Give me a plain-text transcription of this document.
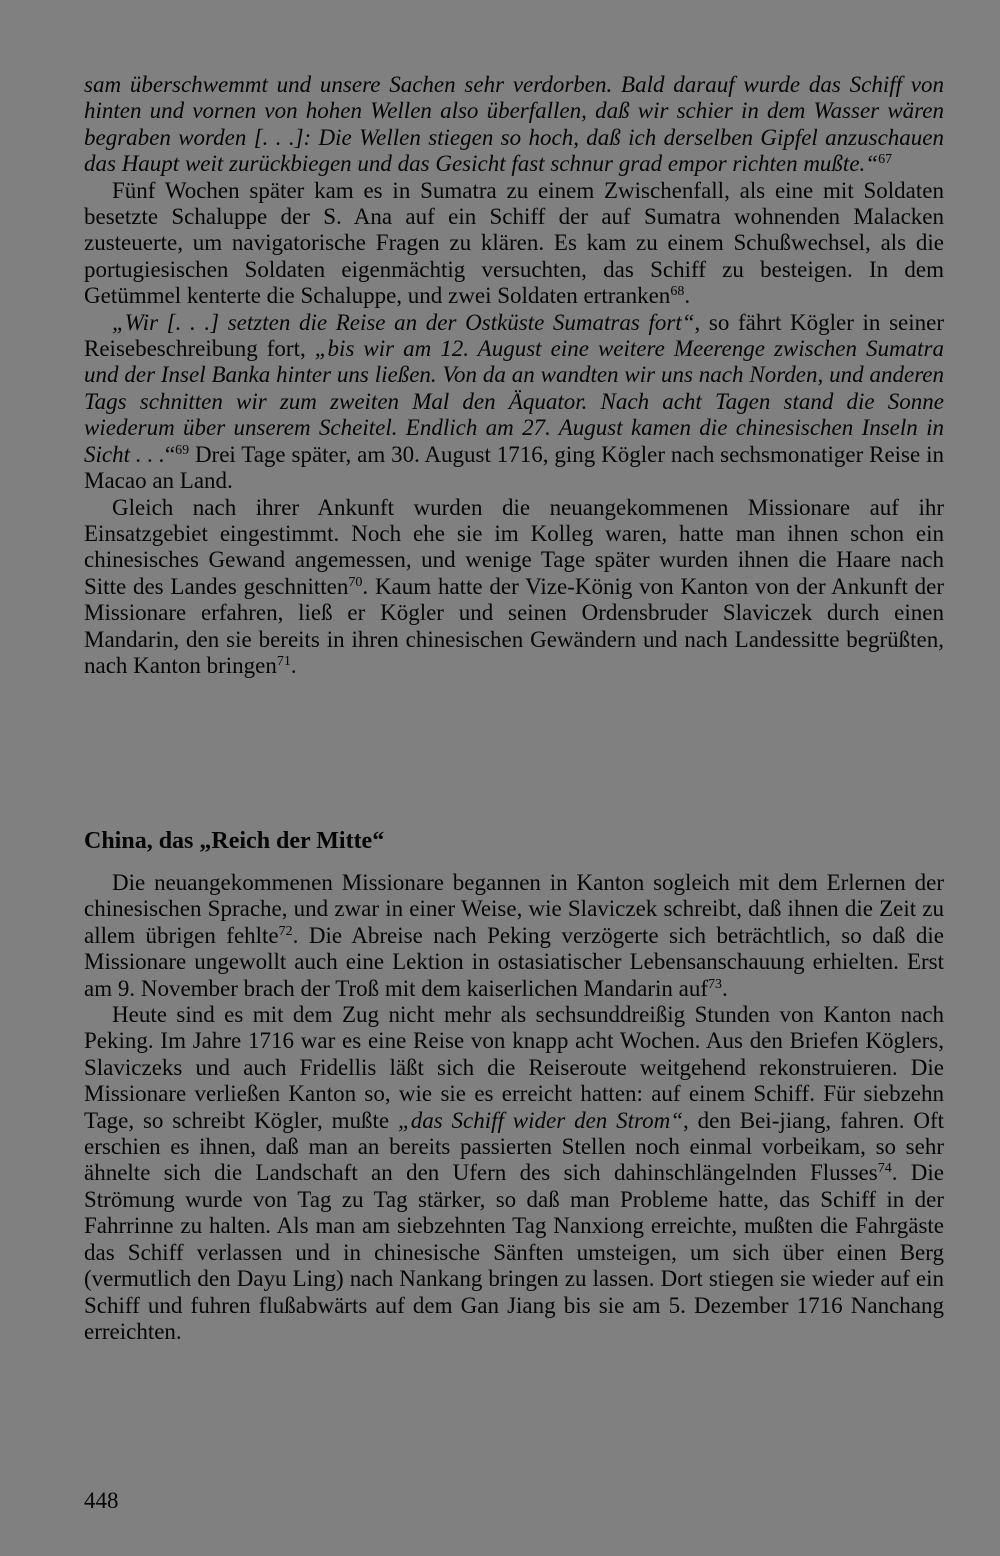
sam überschwemmt und unsere Sachen sehr verdorben. Bald darauf wurde das Schiff von hinten und vornen von hohen Wellen also überfallen, daß wir schier in dem Wasser wären begraben worden [. . .]: Die Wellen stiegen so hoch, daß ich derselben Gipfel anzuschauen das Haupt weit zurückbiegen und das Gesicht fast schnur grad empor richten mußte.“$^{67}$

Fünf Wochen später kam es in Sumatra zu einem Zwischenfall, als eine mit Soldaten besetzte Schaluppe der S. Ana auf ein Schiff der auf Sumatra wohnenden Malacken zusteuerte, um navigatorische Fragen zu klären. Es kam zu einem Schußwechsel, als die portugiesischen Soldaten eigenmächtig versuchten, das Schiff zu besteigen. In dem Getümmel kenterte die Schaluppe, und zwei Soldaten ertranken$^{68}$.

„Wir [. . .] setzten die Reise an der Ostküste Sumatras fort“, so fährt Kögler in seiner Reisebeschreibung fort, „bis wir am 12. August eine weitere Meerenge zwischen Sumatra und der Insel Banka hinter uns ließen. Von da an wandten wir uns nach Norden, und anderen Tags schnitten wir zum zweiten Mal den Äquator. Nach acht Tagen stand die Sonne wiederum über unserem Scheitel. Endlich am 27. August kamen die chinesischen Inseln in Sicht . . .“$^{69}$ Drei Tage später, am 30. August 1716, ging Kögler nach sechsmonatiger Reise in Macao an Land.

Gleich nach ihrer Ankunft wurden die neuangekommenen Missionare auf ihr Einsatzgebiet eingestimmt. Noch ehe sie im Kolleg waren, hatte man ihnen schon ein chinesisches Gewand angemessen, und wenige Tage später wurden ihnen die Haare nach Sitte des Landes geschnitten$^{70}$. Kaum hatte der Vize-König von Kanton von der Ankunft der Missionare erfahren, ließ er Kögler und seinen Ordensbruder Slaviczek durch einen Mandarin, den sie bereits in ihren chinesischen Gewändern und nach Landessitte begrüßten, nach Kanton bringen$^{71}$.

China, das „Reich der Mitte“

Die neuangekommenen Missionare begannen in Kanton sogleich mit dem Erlernen der chinesischen Sprache, und zwar in einer Weise, wie Slaviczek schreibt, daß ihnen die Zeit zu allem übrigen fehlte$^{72}$. Die Abreise nach Peking verzögerte sich beträchtlich, so daß die Missionare ungewollt auch eine Lektion in ostasiatischer Lebensanschauung erhielten. Erst am 9. November brach der Troß mit dem kaiserlichen Mandarin auf$^{73}$.

Heute sind es mit dem Zug nicht mehr als sechsunddreißig Stunden von Kanton nach Peking. Im Jahre 1716 war es eine Reise von knapp acht Wochen. Aus den Briefen Köglers, Slaviczeks und auch Fridellis läßt sich die Reiseroute weitgehend rekonstruieren. Die Missionare verließen Kanton so, wie sie es erreicht hatten: auf einem Schiff. Für siebzehn Tage, so schreibt Kögler, mußte „das Schiff wider den Strom“, den Bei-jiang, fahren. Oft erschien es ihnen, daß man an bereits passierten Stellen noch einmal vorbeikam, so sehr ähnelte sich die Landschaft an den Ufern des sich dahinschlängelnden Flusses$^{74}$. Die Strömung wurde von Tag zu Tag stärker, so daß man Probleme hatte, das Schiff in der Fahrrinne zu halten. Als man am siebzehnten Tag Nanxiong erreichte, mußten die Fahrgäste das Schiff verlassen und in chinesische Sänften umsteigen, um sich über einen Berg (vermutlich den Dayu Ling) nach Nankang bringen zu lassen. Dort stiegen sie wieder auf ein Schiff und fuhren flußabwärts auf dem Gan Jiang bis sie am 5. Dezember 1716 Nanchang erreichten.

448
